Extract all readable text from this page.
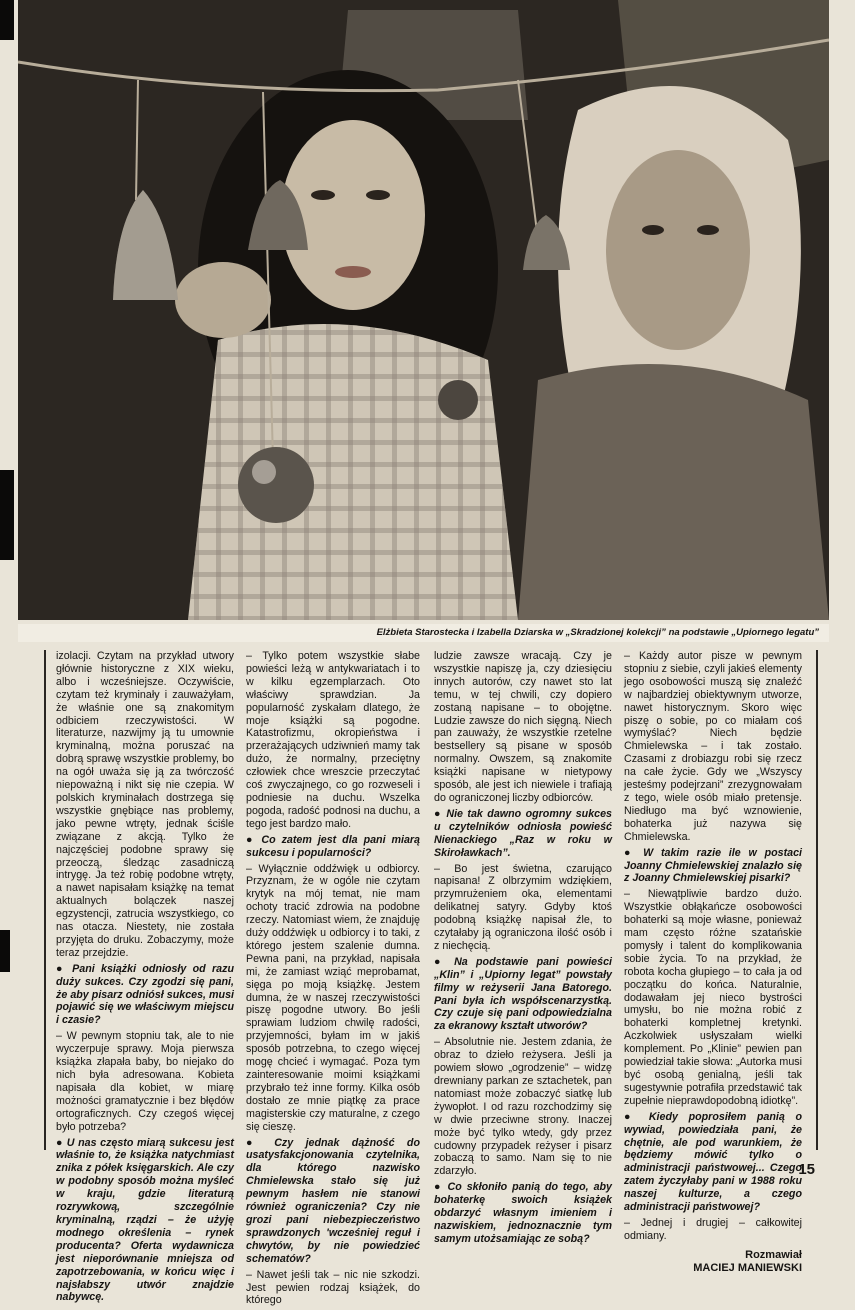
Elżbieta Starostecka i Izabella Dziarska w „Skradzionej kolekcji” na podstawie „Upiornego legatu”

izolacji. Czytam na przykład utwory głównie historyczne z XIX wieku, albo i wcześniejsze. Oczywiście, czytam też kryminały i zauważyłam, że właśnie one są znakomitym odbiciem rzeczywistości. W literaturze, nazwijmy ją tu umownie kryminalną, można poruszać na dobrą sprawę wszystkie problemy, bo na ogół uważa się ją za twórczość niepoważną i nikt się nie czepia. W polskich kryminałach dostrzega się wszystkie gnębiące nas problemy, jako pewne wtręty, jednak ściśle związane z akcją. Tylko że najczęściej podobne sprawy się przeoczą, śledząc zasadniczą intrygę. Ja też robię podobne wtręty, a nawet napisałam książkę na temat aktualnych bolączek naszej egzystencji, zatrucia wszystkiego, co nas otacza. Niestety, nie została przyjęta do druku. Zobaczymy, może teraz przejdzie.

● Pani książki odniosły od razu duży sukces. Czy zgodzi się pani, że aby pisarz odniósł sukces, musi pojawić się we właściwym miejscu i czasie?

– W pewnym stopniu tak, ale to nie wyczerpuje sprawy. Moja pierwsza książka złapała baby, bo niejako do nich była adresowana. Kobieta napisała dla kobiet, w miarę możności gramatycznie i bez błędów ortograficznych. Czy czegoś więcej było potrzeba?

● U nas często miarą sukcesu jest właśnie to, że książka natychmiast znika z półek księgarskich. Ale czy w podobny sposób można myśleć w kraju, gdzie literaturą rozrywkową, szczególnie kryminalną, rządzi – że użyję modnego określenia – rynek producenta? Oferta wydawnicza jest nieporównanie mniejsza od zapotrzebowania, w końcu więc i najsłabszy utwór znajdzie nabywcę.

– Tylko potem wszystkie słabe powieści leżą w antykwariatach i to w kilku egzemplarzach. Oto właściwy sprawdzian. Ja popularność zyskałam dlatego, że moje książki są pogodne. Katastrofizmu, okropieństwa i przerażających udziwnień mamy tak dużo, że normalny, przeciętny człowiek chce wreszcie przeczytać coś zwyczajnego, co go rozweseli i podniesie na duchu. Wszelka pogoda, radość podnosi na duchu, a tego jest bardzo mało.

● Co zatem jest dla pani miarą sukcesu i popularności?

– Wyłącznie oddźwięk u odbiorcy. Przyznam, że w ogóle nie czytam krytyk na mój temat, nie mam ochoty tracić zdrowia na podobne rzeczy. Natomiast wiem, że znajduję duży oddźwięk u odbiorcy i to taki, z którego jestem szalenie dumna. Pewna pani, na przykład, napisała mi, że zamiast wziąć meprobamat, sięga po moją książkę. Jestem dumna, że w naszej rzeczywistości piszę pogodne utwory. Bo jeśli sprawiam ludziom chwilę radości, przyjemności, byłam im w jakiś sposób potrzebna, to czego więcej mogę chcieć i wymagać. Poza tym zainteresowanie moimi książkami przybrało też inne formy. Kilka osób dostało ze mnie piątkę za prace magisterskie czy maturalne, z czego się cieszę.

● Czy jednak dążność do usatysfakcjonowania czytelnika, dla którego nazwisko Chmielewska stało się już pewnym hasłem nie stanowi również ograniczenia? Czy nie grozi pani niebezpieczeństwo sprawdzonych 'wcześniej reguł i chwytów, by nie powiedzieć schematów?

– Nawet jeśli tak – nic nie szkodzi. Jest pewien rodzaj książek, do którego

ludzie zawsze wracają. Czy je wszystkie napiszę ja, czy dziesięciu innych autorów, czy nawet sto lat temu, w tej chwili, czy dopiero zostaną napisane – to obojętne. Ludzie zawsze do nich sięgną. Niech pan zauważy, że wszystkie rzetelne bestsellery są pisane w sposób normalny. Owszem, są znakomite książki napisane w nietypowy sposób, ale jest ich niewiele i trafiają do ograniczonej liczby odbiorców.

● Nie tak dawno ogromny sukces u czytelników odniosła powieść Nienackiego „Raz w roku w Skiroławkach”.

– Bo jest świetna, czarująco napisana! Z olbrzymim wdziękiem, przymrużeniem oka, elementami delikatnej satyry. Gdyby ktoś podobną książkę napisał źle, to czytałaby ją ograniczona ilość osób i z niechęcią.

● Na podstawie pani powieści „Klin” i „Upiorny legat” powstały filmy w reżyserii Jana Batorego. Pani była ich współscenarzystką. Czy czuje się pani odpowiedzialna za ekranowy kształt utworów?

– Absolutnie nie. Jestem zdania, że obraz to dzieło reżysera. Jeśli ja powiem słowo „ogrodzenie” – widzę drewniany parkan ze sztachetek, pan natomiast może zobaczyć siatkę lub żywopłot. I od razu rozchodzimy się w dwie przeciwne strony. Inaczej może być tylko wtedy, gdy przez cudowny przypadek reżyser i pisarz zobaczą to samo. Nam się to nie zdarzyło.

● Co skłoniło panią do tego, aby bohaterkę swoich książek obdarzyć własnym imieniem i nazwiskiem, jednoznacznie tym samym utożsamiając ze sobą?

– Każdy autor pisze w pewnym stopniu z siebie, czyli jakieś elementy jego osobowości muszą się znaleźć w najbardziej obiektywnym utworze, nawet historycznym. Skoro więc piszę o sobie, po co miałam coś wymyślać? Niech będzie Chmielewska – i tak zostało. Czasami z drobiazgu robi się rzecz na całe życie. Gdy we „Wszyscy jesteśmy podejrzani” zrezygnowałam z tego, wiele osób miało pretensje. Niedługo ma być wznowienie, bohaterka już nazywa się Chmielewska.

● W takim razie ile w postaci Joanny Chmielewskiej znalazło się z Joanny Chmielewskiej pisarki?

– Niewątpliwie bardzo dużo. Wszystkie obłąkańcze osobowości bohaterki są moje własne, ponieważ mam często różne szatańskie pomysły i talent do komplikowania sobie życia. To na przykład, że robota kocha głupiego – to cała ja od początku do końca. Naturalnie, dodawałam jej nieco bystrości umysłu, bo nie można robić z bohaterki kompletnej kretynki. Aczkolwiek usłyszałam wielki komplement. Po „Klinie” pewien pan powiedział takie słowa: „Autorka musi być osobą genialną, jeśli tak sugestywnie potrafiła przedstawić tak zupełnie nieprawdopodobną idiotkę”.

● Kiedy poprosiłem panią o wywiad, powiedziała pani, że chętnie, ale pod warunkiem, że będziemy mówić tylko o administracji państwowej... Czego zatem życzyłaby pani w 1988 roku naszej kulturze, a czego administracji państwowej?

– Jednej i drugiej – całkowitej odmiany.

Rozmawiał
MACIEJ MANIEWSKI
15
